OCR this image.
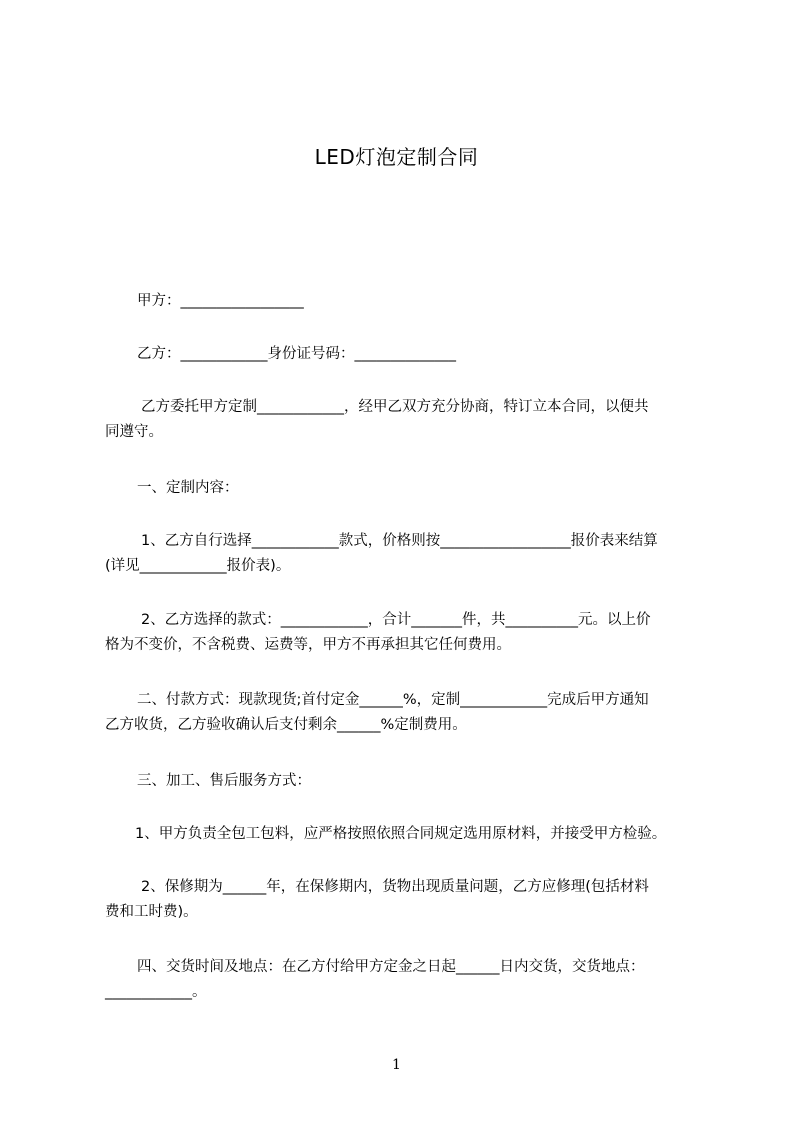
LED灯泡定制合同
甲方：_________________
乙方：____________身份证号码：______________
乙方委托甲方定制____________，经甲乙双方充分协商，特订立本合同，以便共
同遵守。
一、定制内容：
1、乙方自行选择____________款式，价格则按__________________报价表来结算
(详见____________报价表)。
2、乙方选择的款式：____________，合计_______件，共__________元。以上价
格为不变价，不含税费、运费等，甲方不再承担其它任何费用。
二、付款方式：现款现货;首付定金______%，定制____________完成后甲方通知
乙方收货，乙方验收确认后支付剩余______%定制费用。
三、加工、售后服务方式：
1、甲方负责全包工包料，应严格按照依照合同规定选用原材料，并接受甲方检验。
2、保修期为______年，在保修期内，货物出现质量问题，乙方应修理(包括材料
费和工时费)。
四、交货时间及地点：在乙方付给甲方定金之日起______日内交货，交货地点：
____________。
1
